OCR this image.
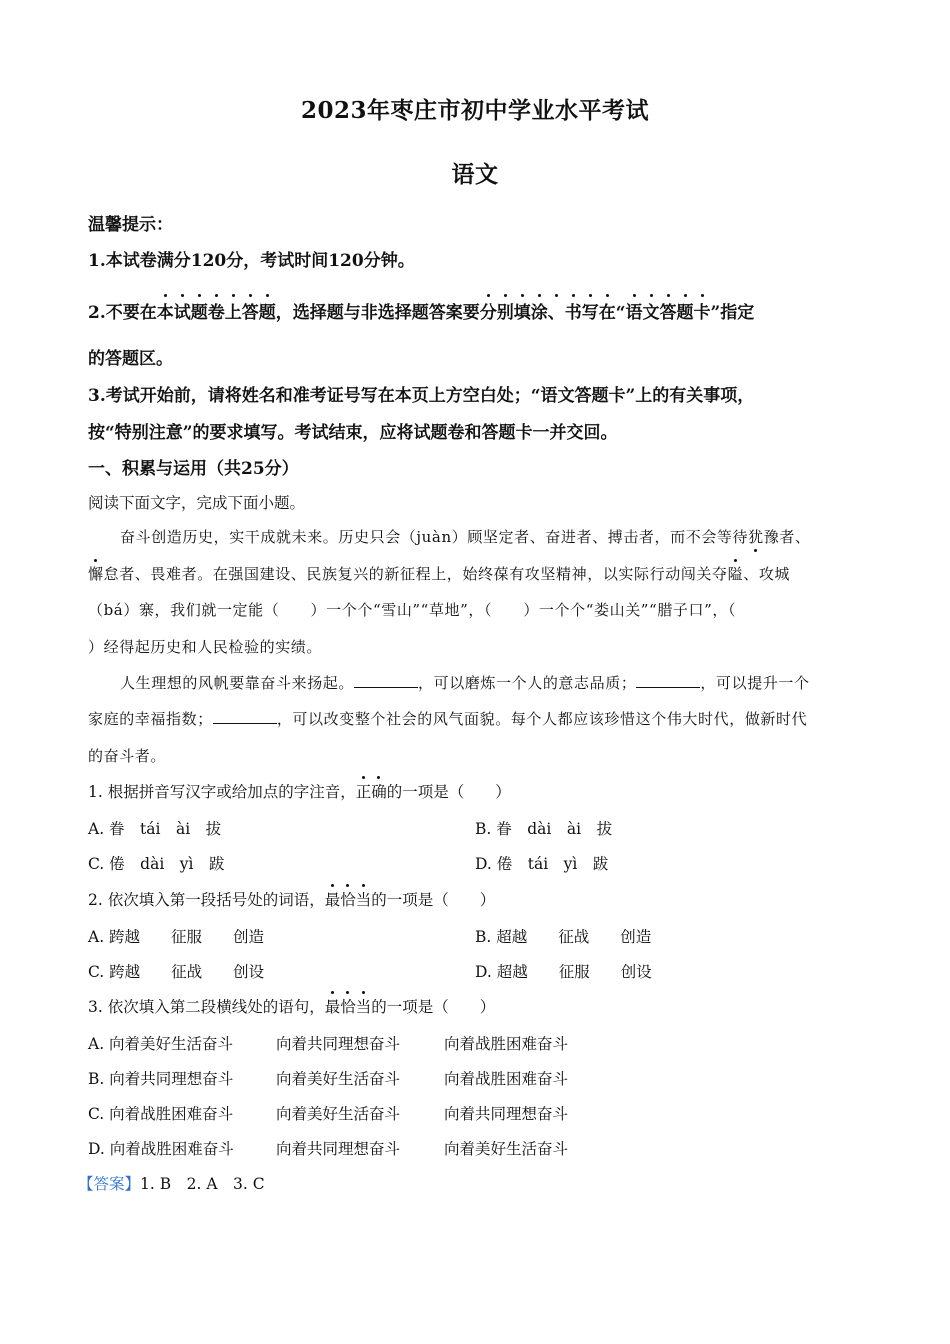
2023年枣庄市初中学业水平考试
语文
温馨提示：
1.本试卷满分120分，考试时间120分钟。
2.不要在本试题卷上答题，选择题与非选择题答案要分别填涂、书写在“语文答题卡”指定
的答题区。
3.考试开始前，请将姓名和准考证号写在本页上方空白处；“语文答题卡”上的有关事项，
按“特别注意”的要求填写。考试结束，应将试题卷和答题卡一并交回。
一、积累与运用（共25分）
阅读下面文字，完成下面小题。
奋斗创造历史，实干成就未来。历史只会（juàn）顾坚定者、奋进者、搏击者，而不会等待犹豫者、
懈怠者、畏难者。在强国建设、民族复兴的新征程上，始终葆有攻坚精神，以实际行动闯关夺隘、攻城
（bá）寨，我们就一定能（　　）一个个“雪山”“草地”，（　　）一个个“娄山关”“腊子口”，（
）经得起历史和人民检验的实绩。
人生理想的风帆要靠奋斗来扬起。	，可以磨炼一个人的意志品质；	，可以提升一个
家庭的幸福指数；	，可以改变整个社会的风气面貌。每个人都应该珍惜这个伟大时代，做新时代
的奋斗者。
1. 根据拼音写汉字或给加点的字注音，正确的一项是（　　）
A. 眷　tái　ài　拔	B. 眷　dài　ài　拔
C. 倦　dài　yì　跋	D. 倦　tái　yì　跋
2. 依次填入第一段括号处的词语，最恰当的一项是（　　）
A. 跨越　　征服　　创造	B. 超越　　征战　　创造
C. 跨越　　征战　　创设	D. 超越　　征服　　创设
3. 依次填入第二段横线处的语句，最恰当的一项是（　　）
A. 向着美好生活奋斗	向着共同理想奋斗	向着战胜困难奋斗
B. 向着共同理想奋斗	向着美好生活奋斗	向着战胜困难奋斗
C. 向着战胜困难奋斗	向着美好生活奋斗	向着共同理想奋斗
D. 向着战胜困难奋斗	向着共同理想奋斗	向着美好生活奋斗
【答案】1. B　2. A　3. C
